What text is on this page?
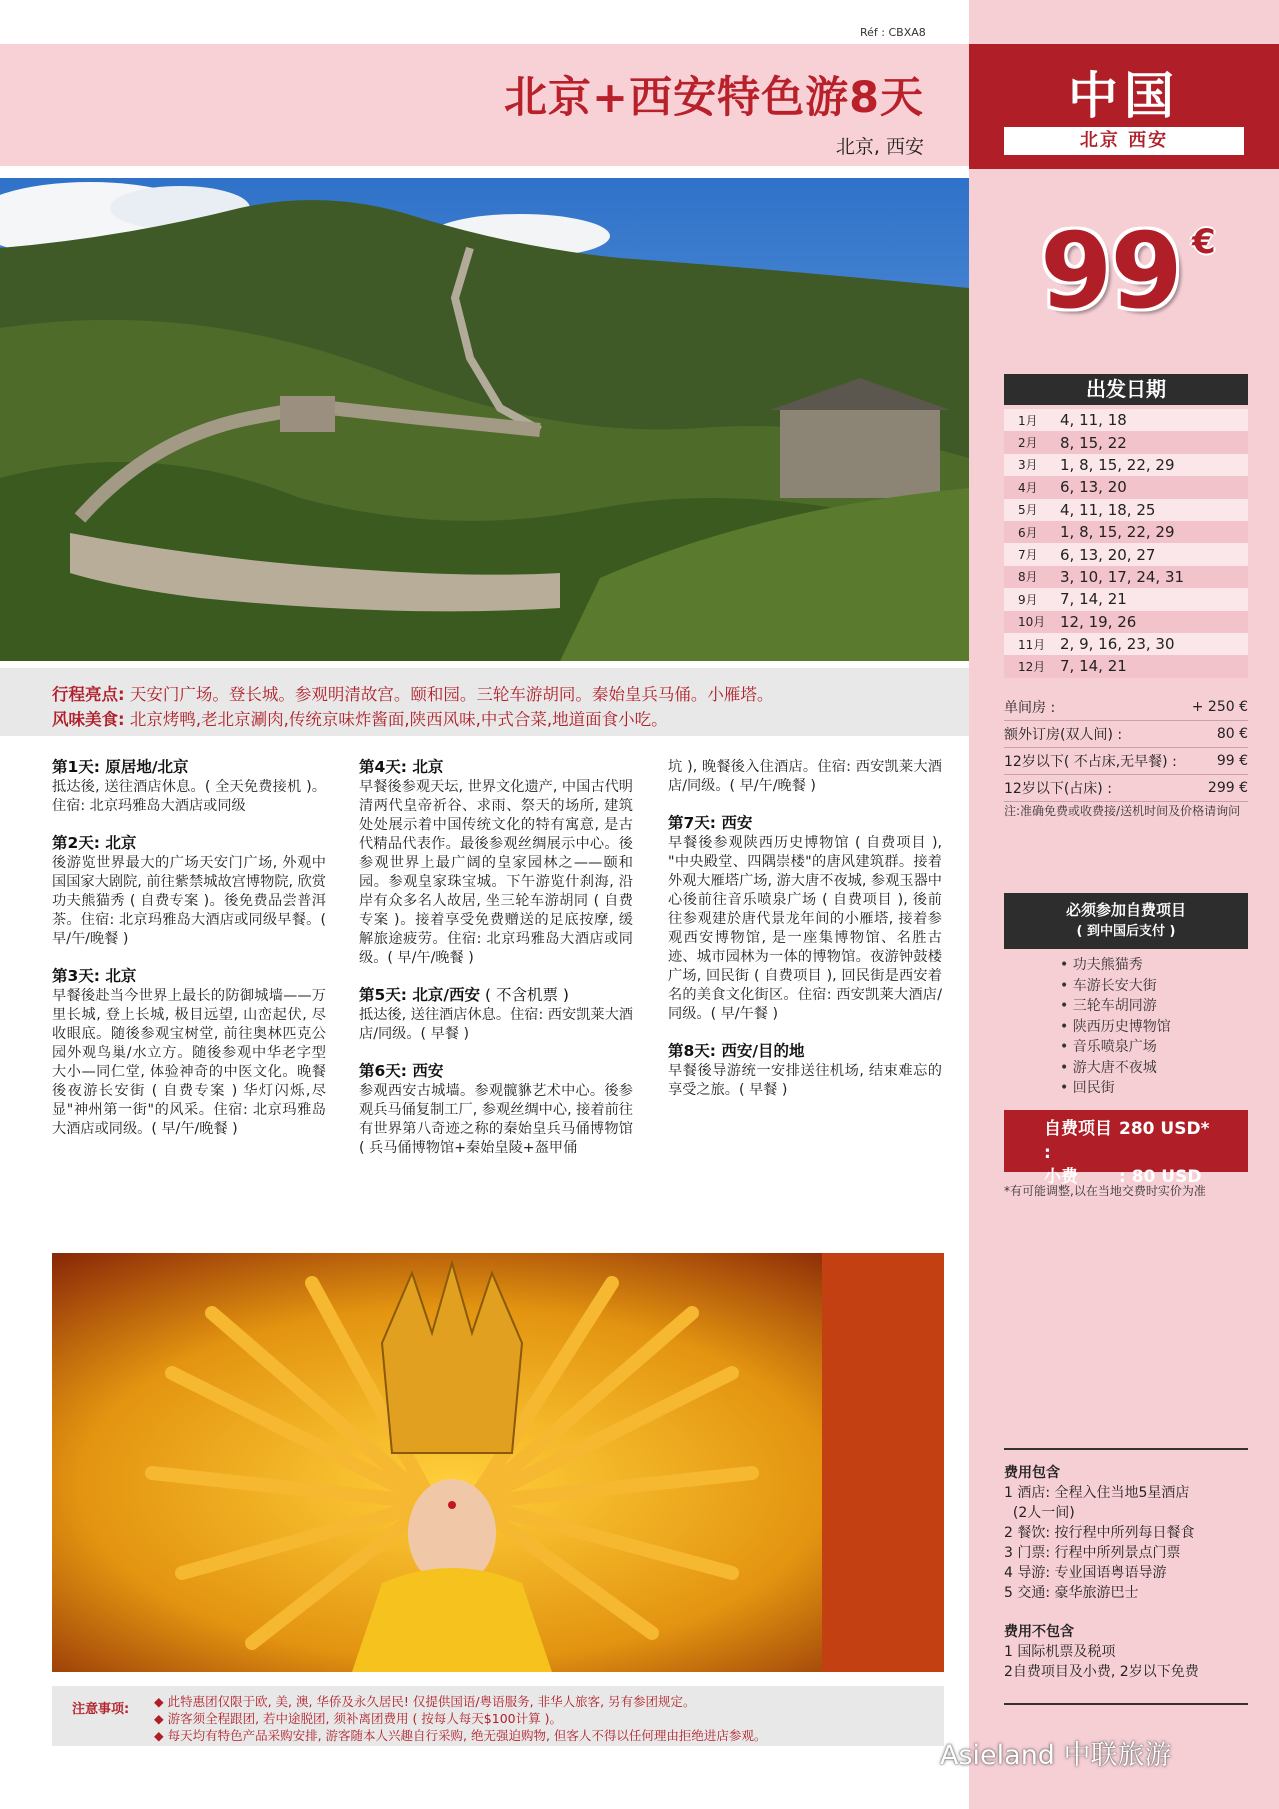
Réf : CBXA8
北京+西安特色游8天
北京, 西安
中国
北京 西安
99 €
出发日期
1月	4, 11, 18
2月	8, 15, 22
3月	1, 8, 15, 22, 29
4月	6, 13, 20
5月	4, 11, 18, 25
6月	1, 8, 15, 22, 29
7月	6, 13, 20, 27
8月	3, 10, 17, 24, 31
9月	7, 14, 21
10月 12, 19, 26
11月 2, 9, 16, 23, 30
12月 7, 14, 21
单间房 :	+ 250 €
额外订房(双人间) :	80 €
12岁以下( 不占床,无早餐) :	99 €
12岁以下(占床) :	299 €
注:准确免费或收费接/送机时间及价格请询问
必须参加自费项目
( 到中国后支付 )
• 功夫熊猫秀
• 车游长安大街
• 三轮车胡同游
• 陕西历史博物馆
• 音乐喷泉广场
• 游大唐不夜城
• 回民街
自费项目 :
280 USD*
小费	: 80 USD
*有可能调整,以在当地交费时实价为准
费用包含
1 酒店: 全程入住当地5星酒店
(2人一间)
2 餐饮: 按行程中所列每日餐食
3 门票: 行程中所列景点门票
4 导游: 专业国语粤语导游
5 交通: 豪华旅游巴士
费用不包含
1 国际机票及税项
2自费项目及小费, 2岁以下免费
行程亮点: 天安门广场。登长城。参观明清故宫。颐和园。三轮车游胡同。秦始皇兵马俑。小雁塔。
风味美食: 北京烤鸭,老北京涮肉,传统京味炸酱面,陕西风味,中式合菜,地道面食小吃。
第1天: 原居地/北京
抵达後, 送往酒店休息。( 全天免费接机 )。住宿: 北京玛雅岛大酒店或同级
第2天: 北京
後游览世界最大的广场天安门广场, 外观中国国家大剧院, 前往紫禁城故宫博物院, 欣赏功夫熊猫秀 ( 自费专案 )。後免费品尝普洱茶。住宿: 北京玛雅岛大酒店或同级早餐。( 早/午/晚餐 )
第3天: 北京
早餐後赴当今世界上最长的防御城墙——万里长城, 登上长城, 极目远望, 山峦起伏, 尽收眼底。随後参观宝树堂, 前往奥林匹克公园外观鸟巢/水立方。随後参观中华老字型大小—同仁堂, 体验神奇的中医文化。晚餐後夜游长安街 ( 自费专案 ) 华灯闪烁,尽显"神州第一街"的风采。住宿: 北京玛雅岛大酒店或同级。( 早/午/晚餐 )
第4天: 北京
早餐後参观天坛, 世界文化遗产, 中国古代明清两代皇帝祈谷、求雨、祭天的场所, 建筑处处展示着中国传统文化的特有寓意, 是古代精品代表作。最後参观丝绸展示中心。後参观世界上最广阔的皇家园林之——颐和园。参观皇家珠宝城。下午游览什刹海, 沿岸有众多名人故居, 坐三轮车游胡同 ( 自费专案 )。接着享受免费赠送的足底按摩, 缓解旅途疲劳。住宿: 北京玛雅岛大酒店或同级。( 早/午/晚餐 )
第5天: 北京/西安 ( 不含机票 )
抵达後, 送往酒店休息。住宿: 西安凯莱大酒店/同级。( 早餐 )
第6天: 西安
参观西安古城墙。参观髋貅艺术中心。後参观兵马俑复制工厂, 参观丝绸中心, 接着前往有世界第八奇迹之称的秦始皇兵马俑博物馆 ( 兵马俑博物馆+秦始皇陵+盔甲俑
坑 ), 晚餐後入住酒店。住宿: 西安凯莱大酒店/同级。( 早/午/晚餐 )
第7天: 西安
早餐後参观陕西历史博物馆 ( 自费项目 ), "中央殿堂、四隅崇楼"的唐风建筑群。接着外观大雁塔广场, 游大唐不夜城, 参观玉器中心後前往音乐喷泉广场 ( 自费项目 ), 後前往参观建於唐代景龙年间的小雁塔, 接着参观西安博物馆, 是一座集博物馆、名胜古迹、城市园林为一体的博物馆。夜游钟鼓楼广场, 回民街 ( 自费项目 ), 回民街是西安着名的美食文化街区。住宿: 西安凯莱大酒店/同级。( 早/午餐 )
第8天: 西安/目的地
早餐後导游统一安排送往机场, 结束难忘的享受之旅。( 早餐 )
注意事项:
◆ 此特惠团仅限于欧, 美, 澳, 华侨及永久居民! 仅提供国语/粤语服务, 非华人旅客, 另有参团规定。
◆ 游客须全程跟团, 若中途脱团, 须补离团费用 ( 按每人每天$100计算 )。
◆ 每天均有特色产品采购安排, 游客随本人兴趣自行采购, 绝无强迫购物, 但客人不得以任何理由拒绝进店参观。
Asieland 中联旅游
